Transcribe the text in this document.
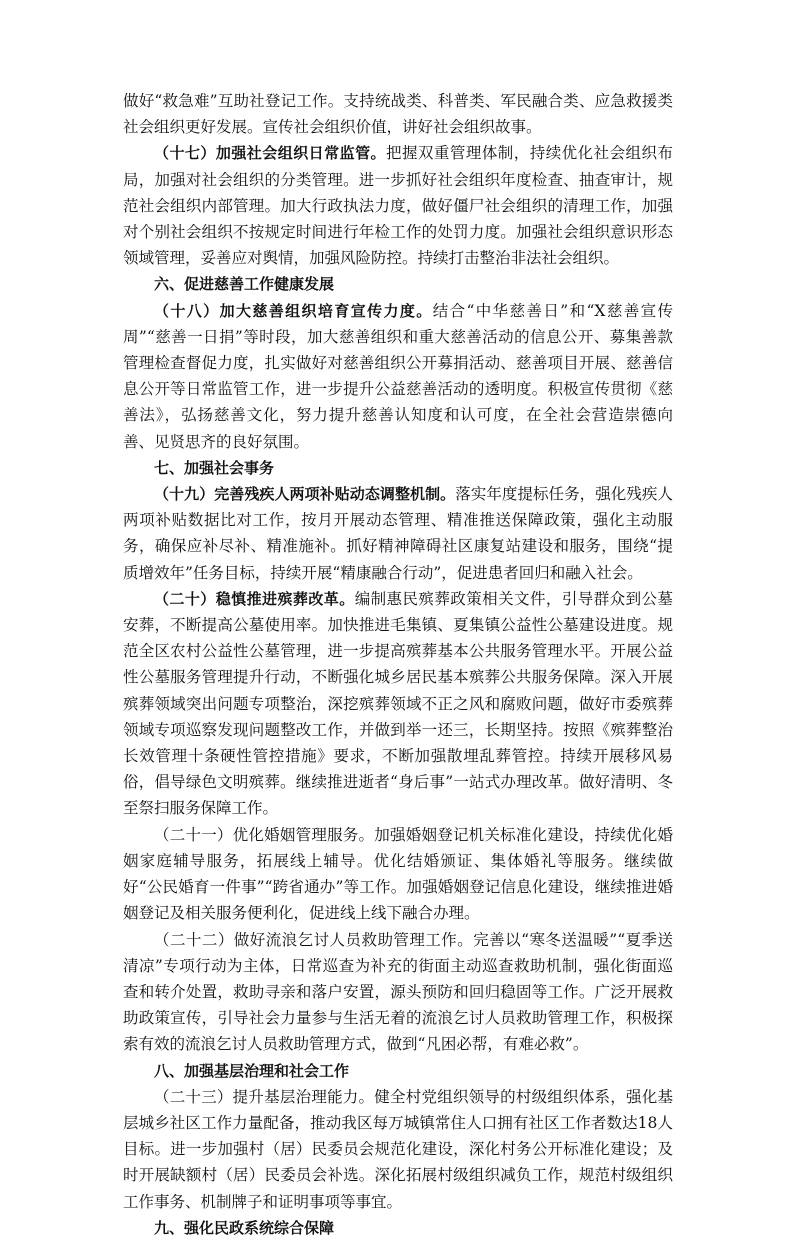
做好“救急难”互助社登记工作。支持统战类、科普类、军民融合类、应急救援类社会组织更好发展。宣传社会组织价值，讲好社会组织故事。

（十七）加强社会组织日常监管。把握双重管理体制，持续优化社会组织布局，加强对社会组织的分类管理。进一步抓好社会组织年度检查、抽查审计，规范社会组织内部管理。加大行政执法力度，做好僵尸社会组织的清理工作，加强对个别社会组织不按规定时间进行年检工作的处罚力度。加强社会组织意识形态领域管理，妥善应对舆情，加强风险防控。持续打击整治非法社会组织。

六、促进慈善工作健康发展

（十八）加大慈善组织培育宣传力度。结合“中华慈善日”和“X慈善宣传周”“慈善一日捐”等时段，加大慈善组织和重大慈善活动的信息公开、募集善款管理检查督促力度，扎实做好对慈善组织公开募捐活动、慈善项目开展、慈善信息公开等日常监管工作，进一步提升公益慈善活动的透明度。积极宣传贯彻《慈善法》，弘扬慈善文化，努力提升慈善认知度和认可度，在全社会营造崇德向善、见贤思齐的良好氛围。

七、加强社会事务

（十九）完善残疾人两项补贴动态调整机制。落实年度提标任务，强化残疾人两项补贴数据比对工作，按月开展动态管理、精准推送保障政策，强化主动服务，确保应补尽补、精准施补。抓好精神障碍社区康复站建设和服务，围绕“提质增效年”任务目标，持续开展“精康融合行动”，促进患者回归和融入社会。

（二十）稳慎推进殡葬改革。编制惠民殡葬政策相关文件，引导群众到公墓安葬，不断提高公墓使用率。加快推进毛集镇、夏集镇公益性公墓建设进度。规范全区农村公益性公墓管理，进一步提高殡葬基本公共服务管理水平。开展公益性公墓服务管理提升行动，不断强化城乡居民基本殡葬公共服务保障。深入开展殡葬领域突出问题专项整治，深挖殡葬领域不正之风和腐败问题，做好市委殡葬领域专项巡察发现问题整改工作，并做到举一还三，长期坚持。按照《殡葬整治长效管理十条硬性管控措施》要求，不断加强散埋乱葬管控。持续开展移风易俗，倡导绿色文明殡葬。继续推进逝者“身后事”一站式办理改革。做好清明、冬至祭扫服务保障工作。

（二十一）优化婚姻管理服务。加强婚姻登记机关标准化建设，持续优化婚姻家庭辅导服务，拓展线上辅导。优化结婚颁证、集体婚礼等服务。继续做好“公民婚育一件事”“跨省通办”等工作。加强婚姻登记信息化建设，继续推进婚姻登记及相关服务便利化，促进线上线下融合办理。

（二十二）做好流浪乞讨人员救助管理工作。完善以“寒冬送温暖”“夏季送清凉”专项行动为主体，日常巡查为补充的街面主动巡查救助机制，强化街面巡查和转介处置，救助寻亲和落户安置，源头预防和回归稳固等工作。广泛开展救助政策宣传，引导社会力量参与生活无着的流浪乞讨人员救助管理工作，积极探索有效的流浪乞讨人员救助管理方式，做到“凡困必帮，有难必救”。

八、加强基层治理和社会工作

（二十三）提升基层治理能力。健全村党组织领导的村级组织体系，强化基层城乡社区工作力量配备，推动我区每万城镇常住人口拥有社区工作者数达18人目标。进一步加强村（居）民委员会规范化建设，深化村务公开标准化建设；及时开展缺额村（居）民委员会补选。深化拓展村级组织减负工作，规范村级组织工作事务、机制牌子和证明事项等事宜。

九、强化民政系统综合保障
